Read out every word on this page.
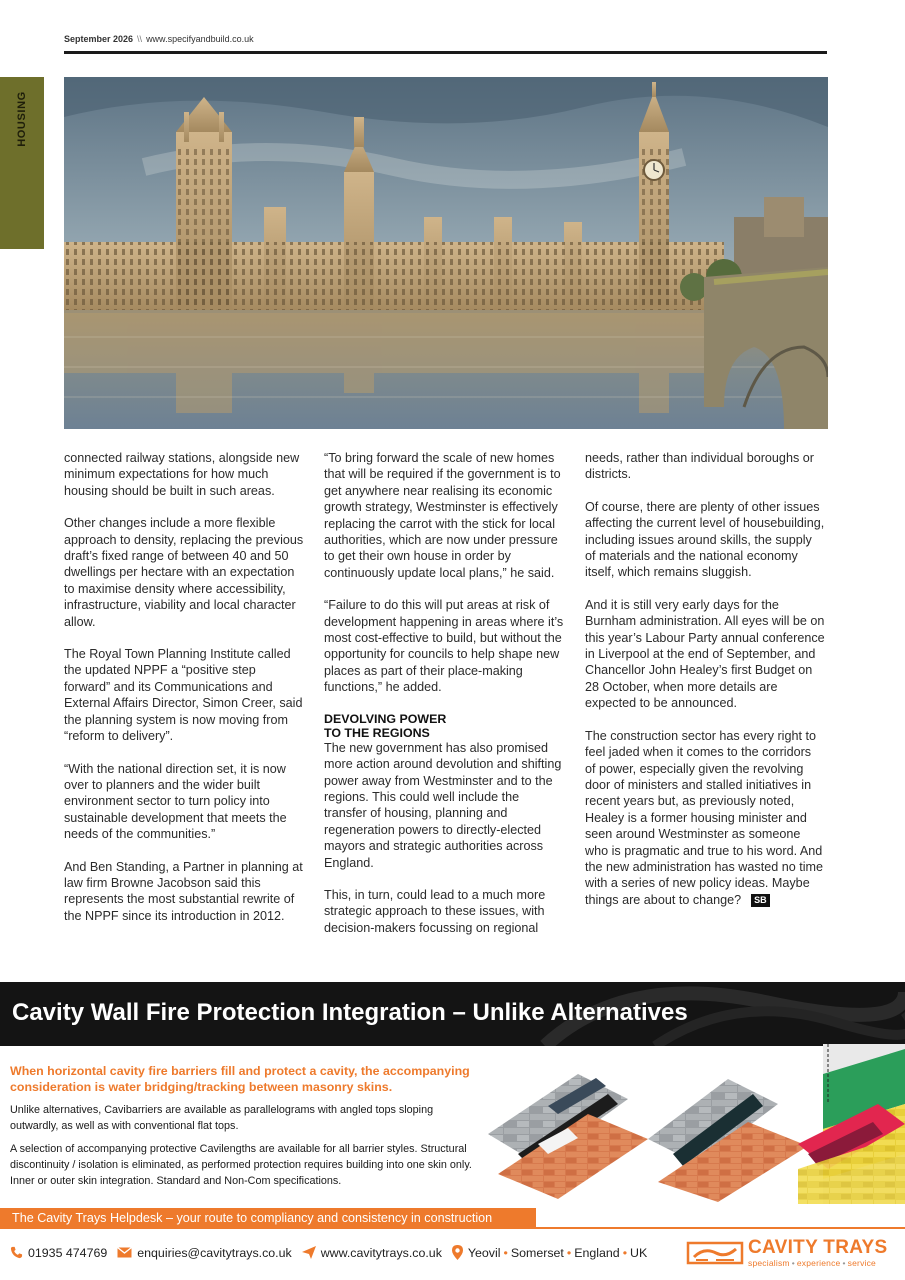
September 2026 \\ www.specifyandbuild.co.uk
HOUSING

connected railway stations, alongside new minimum expectations for how much housing should be built in such areas.

Other changes include a more flexible approach to density, replacing the previous draft’s fixed range of between 40 and 50 dwellings per hectare with an expectation to maximise density where accessibility, infrastructure, viability and local character allow.

The Royal Town Planning Institute called the updated NPPF a “positive step forward” and its Communications and External Affairs Director, Simon Creer, said the planning system is now moving from “reform to delivery”.

“With the national direction set, it is now over to planners and the wider built environment sector to turn policy into sustainable development that meets the needs of the communities.”

And Ben Standing, a Partner in planning at law firm Browne Jacobson said this represents the most substantial rewrite of the NPPF since its introduction in 2012.

“To bring forward the scale of new homes that will be required if the government is to get anywhere near realising its economic growth strategy, Westminster is effectively replacing the carrot with the stick for local authorities, which are now under pressure to get their own house in order by continuously update local plans,” he said.

“Failure to do this will put areas at risk of development happening in areas where it’s most cost-effective to build, but without the opportunity for councils to help shape new places as part of their place-making functions,” he added.

DEVOLVING POWER
TO THE REGIONS

The new government has also promised more action around devolution and shifting power away from Westminster and to the regions. This could well include the transfer of housing, planning and regeneration powers to directly-elected mayors and strategic authorities across England.

This, in turn, could lead to a much more strategic approach to these issues, with decision-makers focussing on regional

needs, rather than individual boroughs or districts.

Of course, there are plenty of other issues affecting the current level of housebuilding, including issues around skills, the supply of materials and the national economy itself, which remains sluggish.

And it is still very early days for the Burnham administration. All eyes will be on this year’s Labour Party annual conference in Liverpool at the end of September, and Chancellor John Healey’s first Budget on 28 October, when more details are expected to be announced.

The construction sector has every right to feel jaded when it comes to the corridors of power, especially given the revolving door of ministers and stalled initiatives in recent years but, as previously noted, Healey is a former housing minister and seen around Westminster as someone who is pragmatic and true to his word. And the new administration has wasted no time with a series of new policy ideas. Maybe things are about to change? SB

Cavity Wall Fire Protection Integration – Unlike Alternatives
When horizontal cavity fire barriers fill and protect a cavity, the accompanying consideration is water bridging/tracking between masonry skins.
Unlike alternatives, Cavibarriers are available as parallelograms with angled tops sloping outwardly, as well as with conventional flat tops.
A selection of accompanying protective Cavilengths are available for all barrier styles. Structural discontinuity / isolation is eliminated, as performed protection requires building into one skin only. Inner or outer skin integration. Standard and Non-Com specifications.
The Cavity Trays Helpdesk – your route to compliancy and consistency in construction
01935 474769 enquiries@cavitytrays.co.uk www.cavitytrays.co.uk Yeovil • Somerset • England • UK	CAVITY TRAYS
specialism • experience • service
